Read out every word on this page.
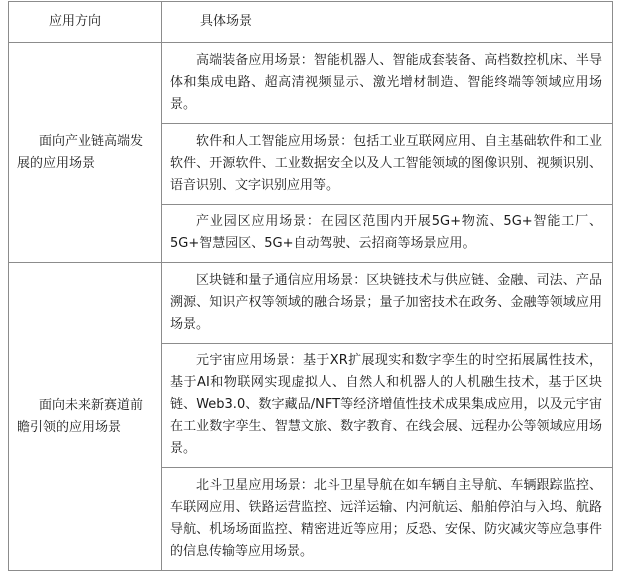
应用方向	具体场景
面向产业链高端发展的应用场景	高端装备应用场景：智能机器人、智能成套装备、高档数控机床、半导体和集成电路、超高清视频显示、激光增材制造、智能终端等领域应用场景。
	软件和人工智能应用场景：包括工业互联网应用、自主基础软件和工业软件、开源软件、工业数据安全以及人工智能领域的图像识别、视频识别、语音识别、文字识别应用等。
	产业园区应用场景：在园区范围内开展5G+物流、5G+智能工厂、5G+智慧园区、5G+自动驾驶、云招商等场景应用。
面向未来新赛道前瞻引领的应用场景	区块链和量子通信应用场景：区块链技术与供应链、金融、司法、产品溯源、知识产权等领域的融合场景；量子加密技术在政务、金融等领域应用场景。
	元宇宙应用场景：基于XR扩展现实和数字孪生的时空拓展属性技术，基于AI和物联网实现虚拟人、自然人和机器人的人机融生技术，基于区块链、Web3.0、数字藏品/NFT等经济增值性技术成果集成应用，以及元宇宙在工业数字孪生、智慧文旅、数字教育、在线会展、远程办公等领域应用场景。
	北斗卫星应用场景：北斗卫星导航在如车辆自主导航、车辆跟踪监控、车联网应用、铁路运营监控、远洋运输、内河航运、船舶停泊与入坞、航路导航、机场场面监控、精密进近等应用；反恐、安保、防灾减灾等应急事件的信息传输等应用场景。
